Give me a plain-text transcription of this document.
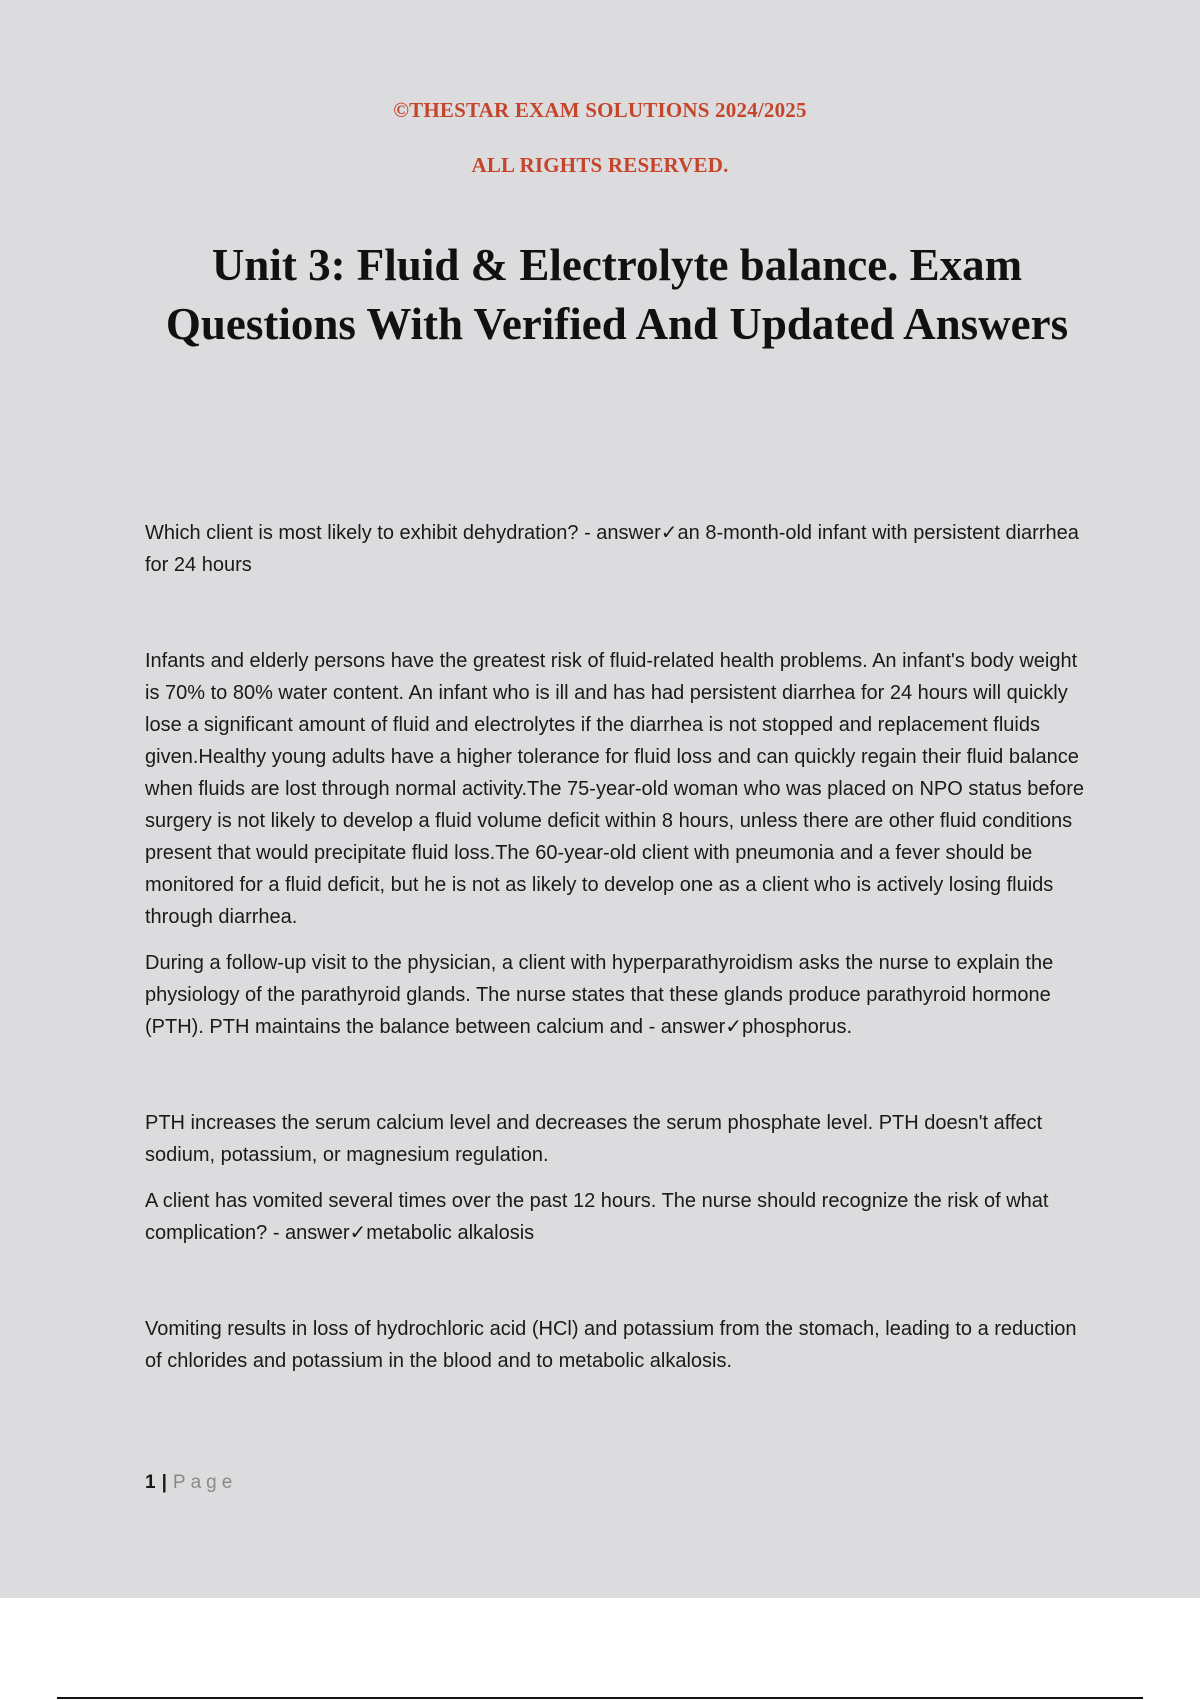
©THESTAR EXAM SOLUTIONS 2024/2025
ALL RIGHTS RESERVED.
Unit 3: Fluid & Electrolyte balance. Exam Questions With Verified And Updated Answers

Which client is most likely to exhibit dehydration? - answer✓an 8-month-old infant with persistent diarrhea for 24 hours

Infants and elderly persons have the greatest risk of fluid-related health problems. An infant's body weight is 70% to 80% water content. An infant who is ill and has had persistent diarrhea for 24 hours will quickly lose a significant amount of fluid and electrolytes if the diarrhea is not stopped and replacement fluids given.Healthy young adults have a higher tolerance for fluid loss and can quickly regain their fluid balance when fluids are lost through normal activity.The 75-year-old woman who was placed on NPO status before surgery is not likely to develop a fluid volume deficit within 8 hours, unless there are other fluid conditions present that would precipitate fluid loss.The 60-year-old client with pneumonia and a fever should be monitored for a fluid deficit, but he is not as likely to develop one as a client who is actively losing fluids through diarrhea.

During a follow-up visit to the physician, a client with hyperparathyroidism asks the nurse to explain the physiology of the parathyroid glands. The nurse states that these glands produce parathyroid hormone (PTH). PTH maintains the balance between calcium and - answer✓phosphorus.

PTH increases the serum calcium level and decreases the serum phosphate level. PTH doesn't affect sodium, potassium, or magnesium regulation.

A client has vomited several times over the past 12 hours. The nurse should recognize the risk of what complication? - answer✓metabolic alkalosis

Vomiting results in loss of hydrochloric acid (HCl) and potassium from the stomach, leading to a reduction of chlorides and potassium in the blood and to metabolic alkalosis.

1 | Page
